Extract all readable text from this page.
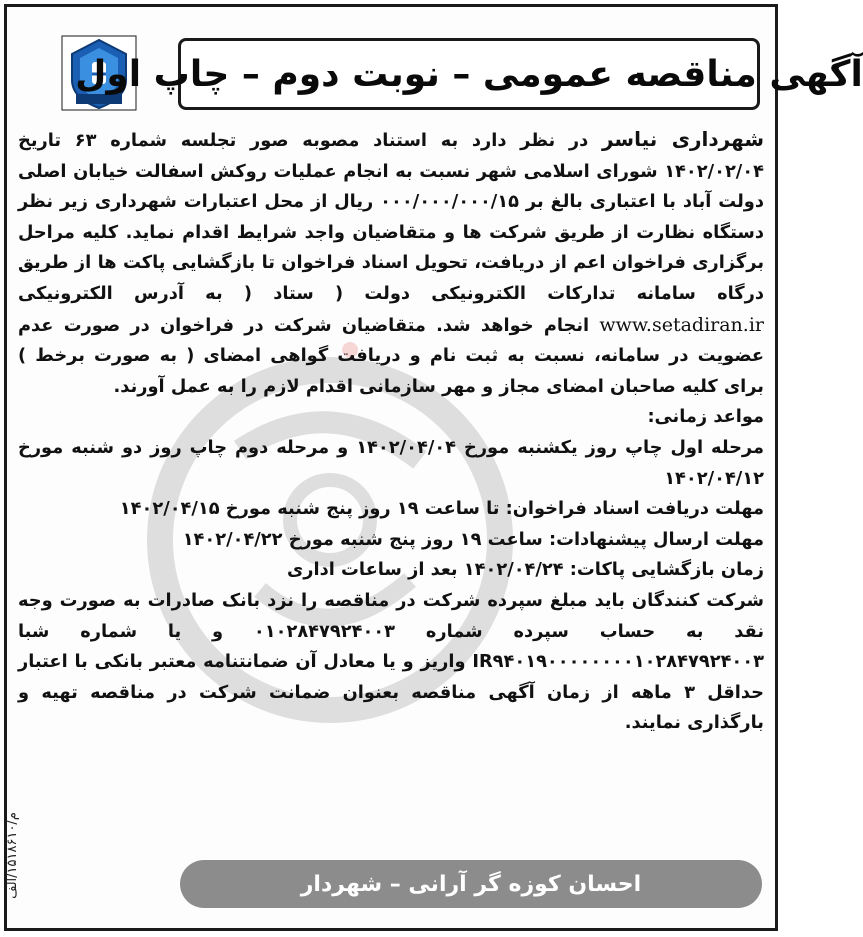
آگهی مناقصه عمومی – نوبت دوم – چاپ اول

شهرداری نیاسر در نظر دارد به استناد مصوبه صور تجلسه شماره ۶۳ تاریخ ۱۴۰۲/۰۲/۰۴ شورای اسلامی شهر نسبت به انجام عملیات روکش اسفالت خیابان اصلی دولت آباد با اعتباری بالغ بر ۰۰۰/۰۰۰/۰۰۰/۱۵ ریال از محل اعتبارات شهرداری زیر نظر دستگاه نظارت از طریق شرکت ها و متقاضیان واجد شرایط اقدام نماید. کلیه مراحل برگزاری فراخوان اعم از دریافت، تحویل اسناد فراخوان تا بازگشایی پاکت ها از طریق درگاه سامانه تدارکات الکترونیکی دولت ( ستاد ( به آدرس الکترونیکی www.setadiran.ir انجام خواهد شد. متقاضیان شرکت در فراخوان در صورت عدم عضویت در سامانه، نسبت به ثبت نام و دریافت گواهی امضای ( به صورت برخط ) برای کلیه صاحبان امضای مجاز و مهر سازمانی اقدام لازم را به عمل آورند.

مواعد زمانی:

مرحله اول چاپ روز یکشنبه مورخ ۱۴۰۲/۰۴/۰۴ و مرحله دوم چاپ روز دو شنبه مورخ ۱۴۰۲/۰۴/۱۲

مهلت دریافت اسناد فراخوان: تا ساعت ۱۹ روز پنج شنبه مورخ ۱۴۰۲/۰۴/۱۵

مهلت ارسال پیشنهادات: ساعت ۱۹ روز پنج شنبه مورخ ۱۴۰۲/۰۴/۲۲

زمان بازگشایی پاکات: ۱۴۰۲/۰۴/۲۴ بعد از ساعات اداری

شرکت کنندگان باید مبلغ سپرده شرکت در مناقصه را نزد بانک صادرات به صورت وجه نقد به حساب سپرده شماره ۰۱۰۲۸۴۷۹۲۴۰۰۳ و یا شماره شبا IR۹۴۰۱۹۰۰۰۰۰۰۰۰۱۰۲۸۴۷۹۲۴۰۰۳ واریز و یا معادل آن ضمانتنامه معتبر بانکی با اعتبار حداقل ۳ ماهه از زمان آگهی مناقصه بعنوان ضمانت شرکت در مناقصه تهیه و بارگذاری نمایند.

م/۱۵۱۸۶۱۰/الف
احسان کوزه گر آرانی – شهردار
